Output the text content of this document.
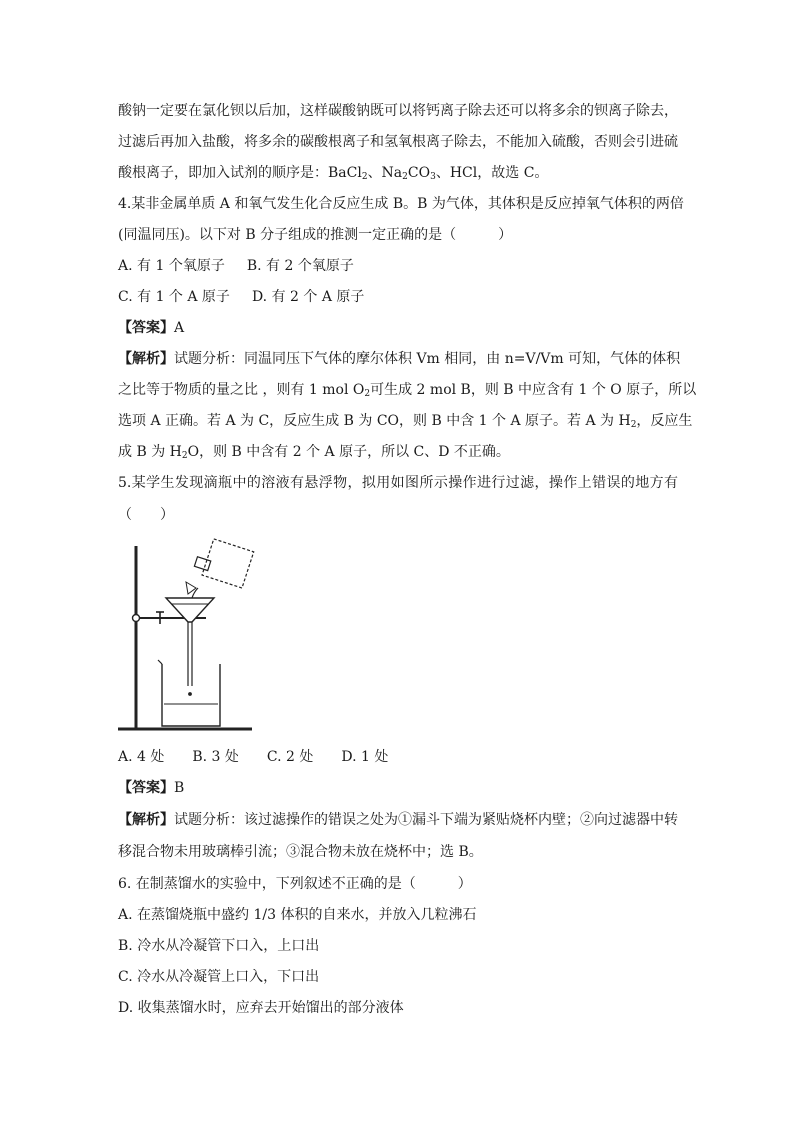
酸钠一定要在氯化钡以后加，这样碳酸钠既可以将钙离子除去还可以将多余的钡离子除去，
过滤后再加入盐酸，将多余的碳酸根离子和氢氧根离子除去，不能加入硫酸，否则会引进硫
酸根离子，即加入试剂的顺序是：BaCl$_2$、$Na_2CO_3$、HCl，故选 C。
4.某非金属单质 A 和氧气发生化合反应生成 B。B 为气体，其体积是反应掉氧气体积的两倍
(同温同压)。以下对 B 分子组成的推测一定正确的是（　　　）
A. 有 1 个氧原子 B. 有 2 个氧原子
C. 有 1 个 A 原子 D. 有 2 个 A 原子
【答案】A
【解析】试题分析：同温同压下气体的摩尔体积 Vm 相同，由 n=V/Vm 可知，气体的体积
之比等于物质的量之比 ，则有 1 mol $O_2$可生成 2 mol B，则 B 中应含有 1 个 O 原子，所以
选项 A 正确。若 A 为 C，反应生成 B 为 CO，则 B 中含 1 个 A 原子。若 A 为 $H_2$，反应生
成 B 为 $H_2O$，则 B 中含有 2 个 A 原子，所以 C、D 不正确。
5.某学生发现滴瓶中的溶液有悬浮物，拟用如图所示操作进行过滤，操作上错误的地方有
（　　）
A. 4 处　　B. 3 处　　C. 2 处　　D. 1 处
【答案】B
【解析】试题分析：该过滤操作的错误之处为①漏斗下端为紧贴烧杯内壁；②向过滤器中转
移混合物未用玻璃棒引流；③混合物未放在烧杯中；选 B。
6. 在制蒸馏水的实验中，下列叙述不正确的是（　　　）
A. 在蒸馏烧瓶中盛约 1/3 体积的自来水，并放入几粒沸石
B. 冷水从冷凝管下口入，上口出
C. 冷水从冷凝管上口入，下口出
D. 收集蒸馏水时，应弃去开始馏出的部分液体
